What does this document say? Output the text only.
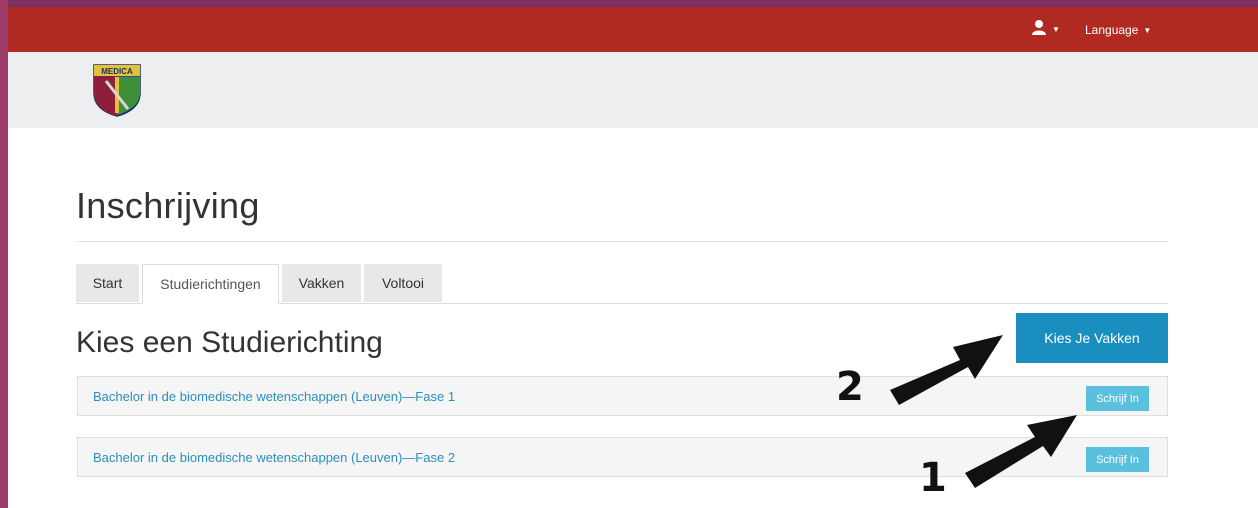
▼ Language ▼
MEDICA
Inschrijving
Start	Studierichtingen	Vakken	Voltooi
Kies een Studierichting	Kies Je Vakken
Bachelor in de biomedische wetenschappen (Leuven)—Fase 1	Schrijf In
Bachelor in de biomedische wetenschappen (Leuven)—Fase 2	Schrijf In
2
1
